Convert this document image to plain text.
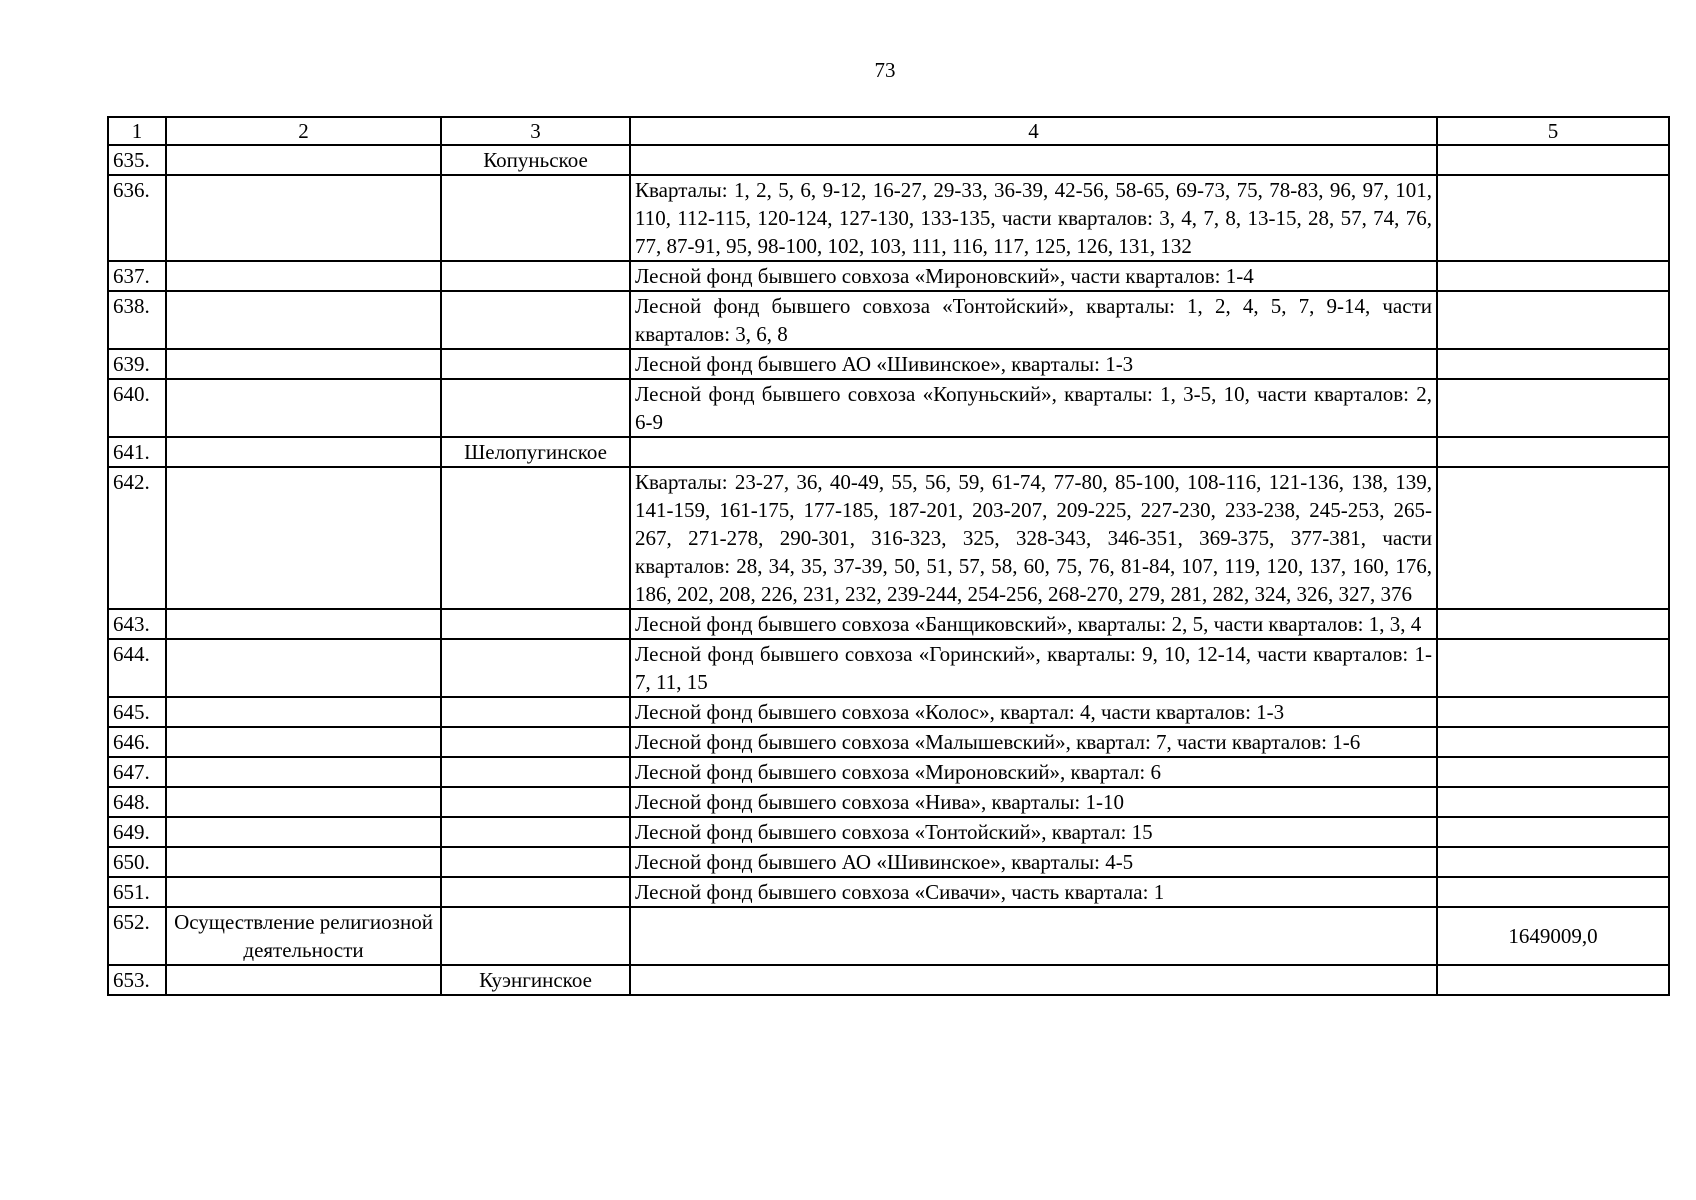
73
1	2	3	4	5
635.		Копуньское		
636.			Кварталы: 1, 2, 5, 6, 9-12, 16-27, 29-33, 36-39, 42-56, 58-65, 69-73, 75, 78-83, 96, 97, 101, 110, 112-115, 120-124, 127-130, 133-135, части кварталов: 3, 4, 7, 8, 13-15, 28, 57, 74, 76, 77, 87-91, 95, 98-100, 102, 103, 111, 116, 117, 125, 126, 131, 132	
637.			Лесной фонд бывшего совхоза «Мироновский», части кварталов: 1-4	
638.			Лесной фонд бывшего совхоза «Тонтойский», кварталы: 1, 2, 4, 5, 7, 9-14, части кварталов: 3, 6, 8	
639.			Лесной фонд бывшего АО «Шивинское», кварталы: 1-3	
640.			Лесной фонд бывшего совхоза «Копуньский», кварталы: 1, 3-5, 10, части кварталов: 2, 6-9	
641.		Шелопугинское		
642.			Кварталы: 23-27, 36, 40-49, 55, 56, 59, 61-74, 77-80, 85-100, 108-116, 121-136, 138, 139, 141-159, 161-175, 177-185, 187-201, 203-207, 209-225, 227-230, 233-238, 245-253, 265-267, 271-278, 290-301, 316-323, 325, 328-343, 346-351, 369-375, 377-381, части кварталов: 28, 34, 35, 37-39, 50, 51, 57, 58, 60, 75, 76, 81-84, 107, 119, 120, 137, 160, 176, 186, 202, 208, 226, 231, 232, 239-244, 254-256, 268-270, 279, 281, 282, 324, 326, 327, 376	
643.			Лесной фонд бывшего совхоза «Банщиковский», кварталы: 2, 5, части кварталов: 1, 3, 4	
644.			Лесной фонд бывшего совхоза «Горинский», кварталы: 9, 10, 12-14, части кварталов: 1-7, 11, 15	
645.			Лесной фонд бывшего совхоза «Колос», квартал: 4, части кварталов: 1-3	
646.			Лесной фонд бывшего совхоза «Малышевский», квартал: 7, части кварталов: 1-6	
647.			Лесной фонд бывшего совхоза «Мироновский», квартал: 6	
648.			Лесной фонд бывшего совхоза «Нива», кварталы: 1-10	
649.			Лесной фонд бывшего совхоза «Тонтойский», квартал: 15	
650.			Лесной фонд бывшего АО «Шивинское», кварталы: 4-5	
651.			Лесной фонд бывшего совхоза «Сивачи», часть квартала: 1	
652.	Осуществление религиозной деятельности			1649009,0
653.		Куэнгинское		
